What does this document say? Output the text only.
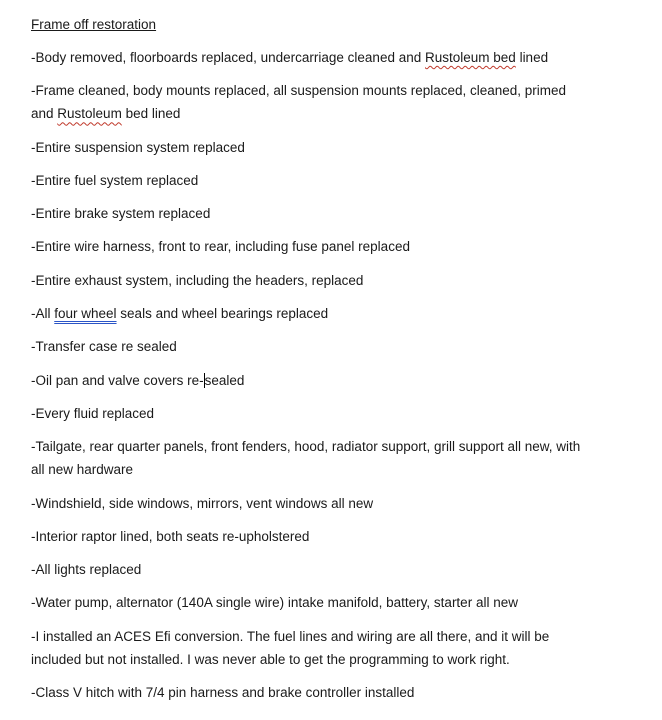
Frame off restoration

-Body removed, floorboards replaced, undercarriage cleaned and Rustoleum bed lined

-Frame cleaned, body mounts replaced, all suspension mounts replaced, cleaned, primed and Rustoleum bed lined

-Entire suspension system replaced

-Entire fuel system replaced

-Entire brake system replaced

-Entire wire harness, front to rear, including fuse panel replaced

-Entire exhaust system, including the headers, replaced

-All four wheel seals and wheel bearings replaced

-Transfer case re sealed

-Oil pan and valve covers re-sealed

-Every fluid replaced

-Tailgate, rear quarter panels, front fenders, hood, radiator support, grill support all new, with all new hardware

-Windshield, side windows, mirrors, vent windows all new

-Interior raptor lined, both seats re-upholstered

-All lights replaced

-Water pump, alternator (140A single wire) intake manifold, battery, starter all new

-I installed an ACES Efi conversion. The fuel lines and wiring are all there, and it will be included but not installed. I was never able to get the programming to work right.

-Class V hitch with 7/4 pin harness and brake controller installed
